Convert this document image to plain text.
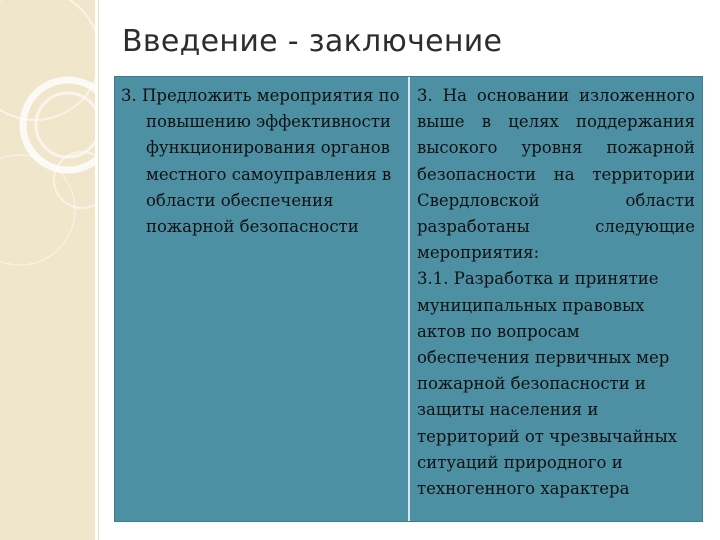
Введение - заключение

3. Предложить мероприятия по повышению эффективности функционирования органов местного самоуправления в области обеспечения пожарной безопасности

3. На основании изложенного выше в целях поддержания высокого уровня пожарной безопасности на территории Свердловской области разработаны следующие мероприятия:

3.1. Разработка и принятие муниципальных правовых актов по вопросам обеспечения первичных мер пожарной безопасности и защиты населения и территорий от чрезвычайных ситуаций природного и техногенного характера
